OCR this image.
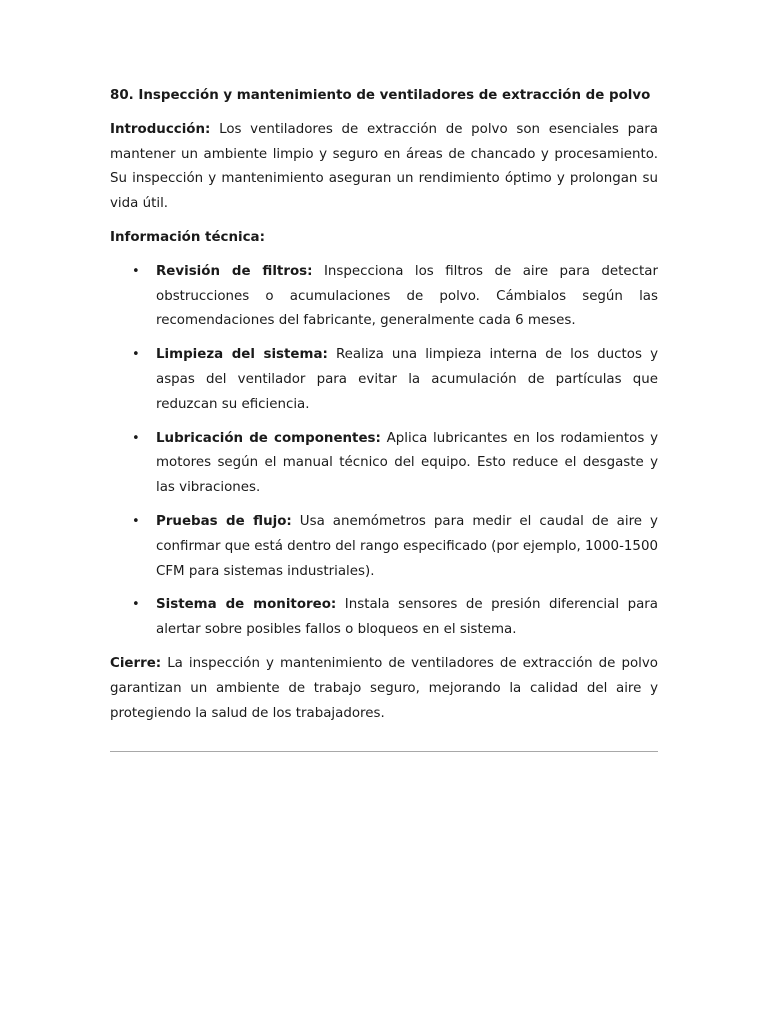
80. Inspección y mantenimiento de ventiladores de extracción de polvo

Introducción: Los ventiladores de extracción de polvo son esenciales para mantener un ambiente limpio y seguro en áreas de chancado y procesamiento. Su inspección y mantenimiento aseguran un rendimiento óptimo y prolongan su vida útil.

Información técnica:
• Revisión de filtros: Inspecciona los filtros de aire para detectar obstrucciones o acumulaciones de polvo. Cámbialos según las recomendaciones del fabricante, generalmente cada 6 meses.
• Limpieza del sistema: Realiza una limpieza interna de los ductos y aspas del ventilador para evitar la acumulación de partículas que reduzcan su eficiencia.
• Lubricación de componentes: Aplica lubricantes en los rodamientos y motores según el manual técnico del equipo. Esto reduce el desgaste y las vibraciones.
• Pruebas de flujo: Usa anemómetros para medir el caudal de aire y confirmar que está dentro del rango especificado (por ejemplo, 1000-1500 CFM para sistemas industriales).
• Sistema de monitoreo: Instala sensores de presión diferencial para alertar sobre posibles fallos o bloqueos en el sistema.

Cierre: La inspección y mantenimiento de ventiladores de extracción de polvo garantizan un ambiente de trabajo seguro, mejorando la calidad del aire y protegiendo la salud de los trabajadores.
